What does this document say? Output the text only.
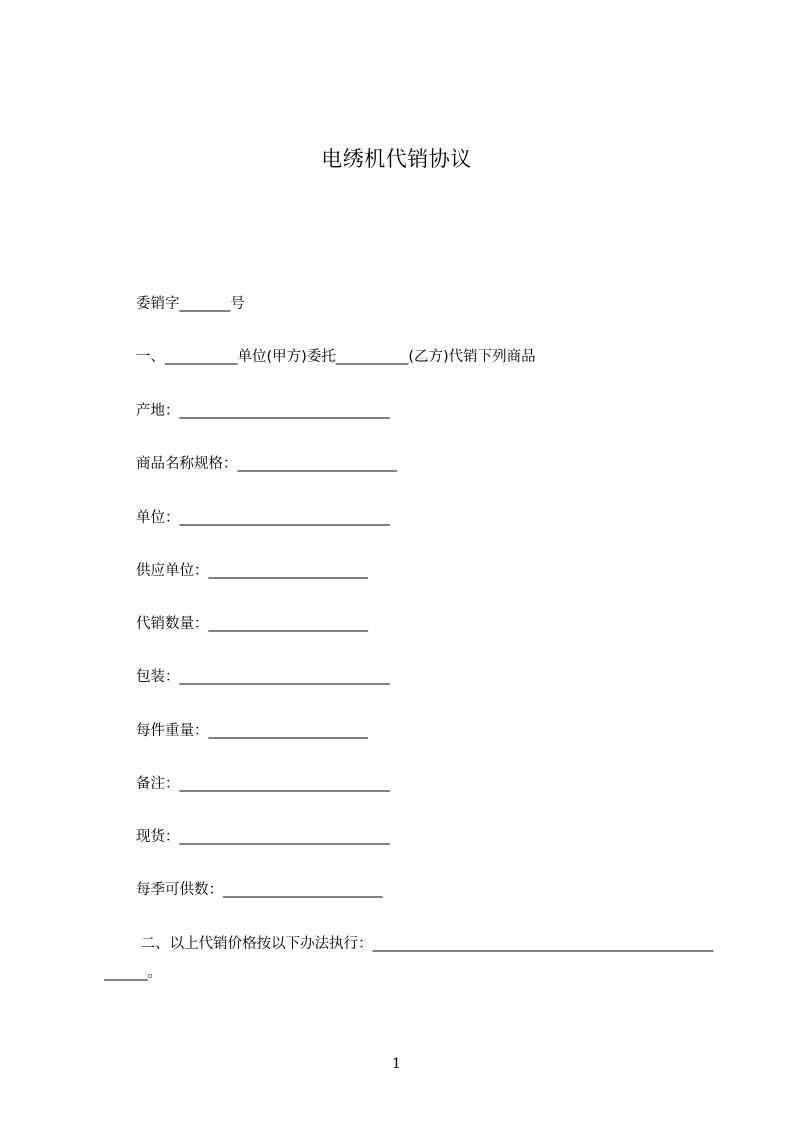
电绣机代销协议
委销字_______号
一、__________单位(甲方)委托__________(乙方)代销下列商品
产地：_____________________________
商品名称规格：______________________
单位：_____________________________
供应单位：______________________
代销数量：______________________
包装：_____________________________
每件重量：______________________
备注：_____________________________
现货：_____________________________
每季可供数：______________________
二、以上代销价格按以下办法执行：_______________________________________________
______。
1
